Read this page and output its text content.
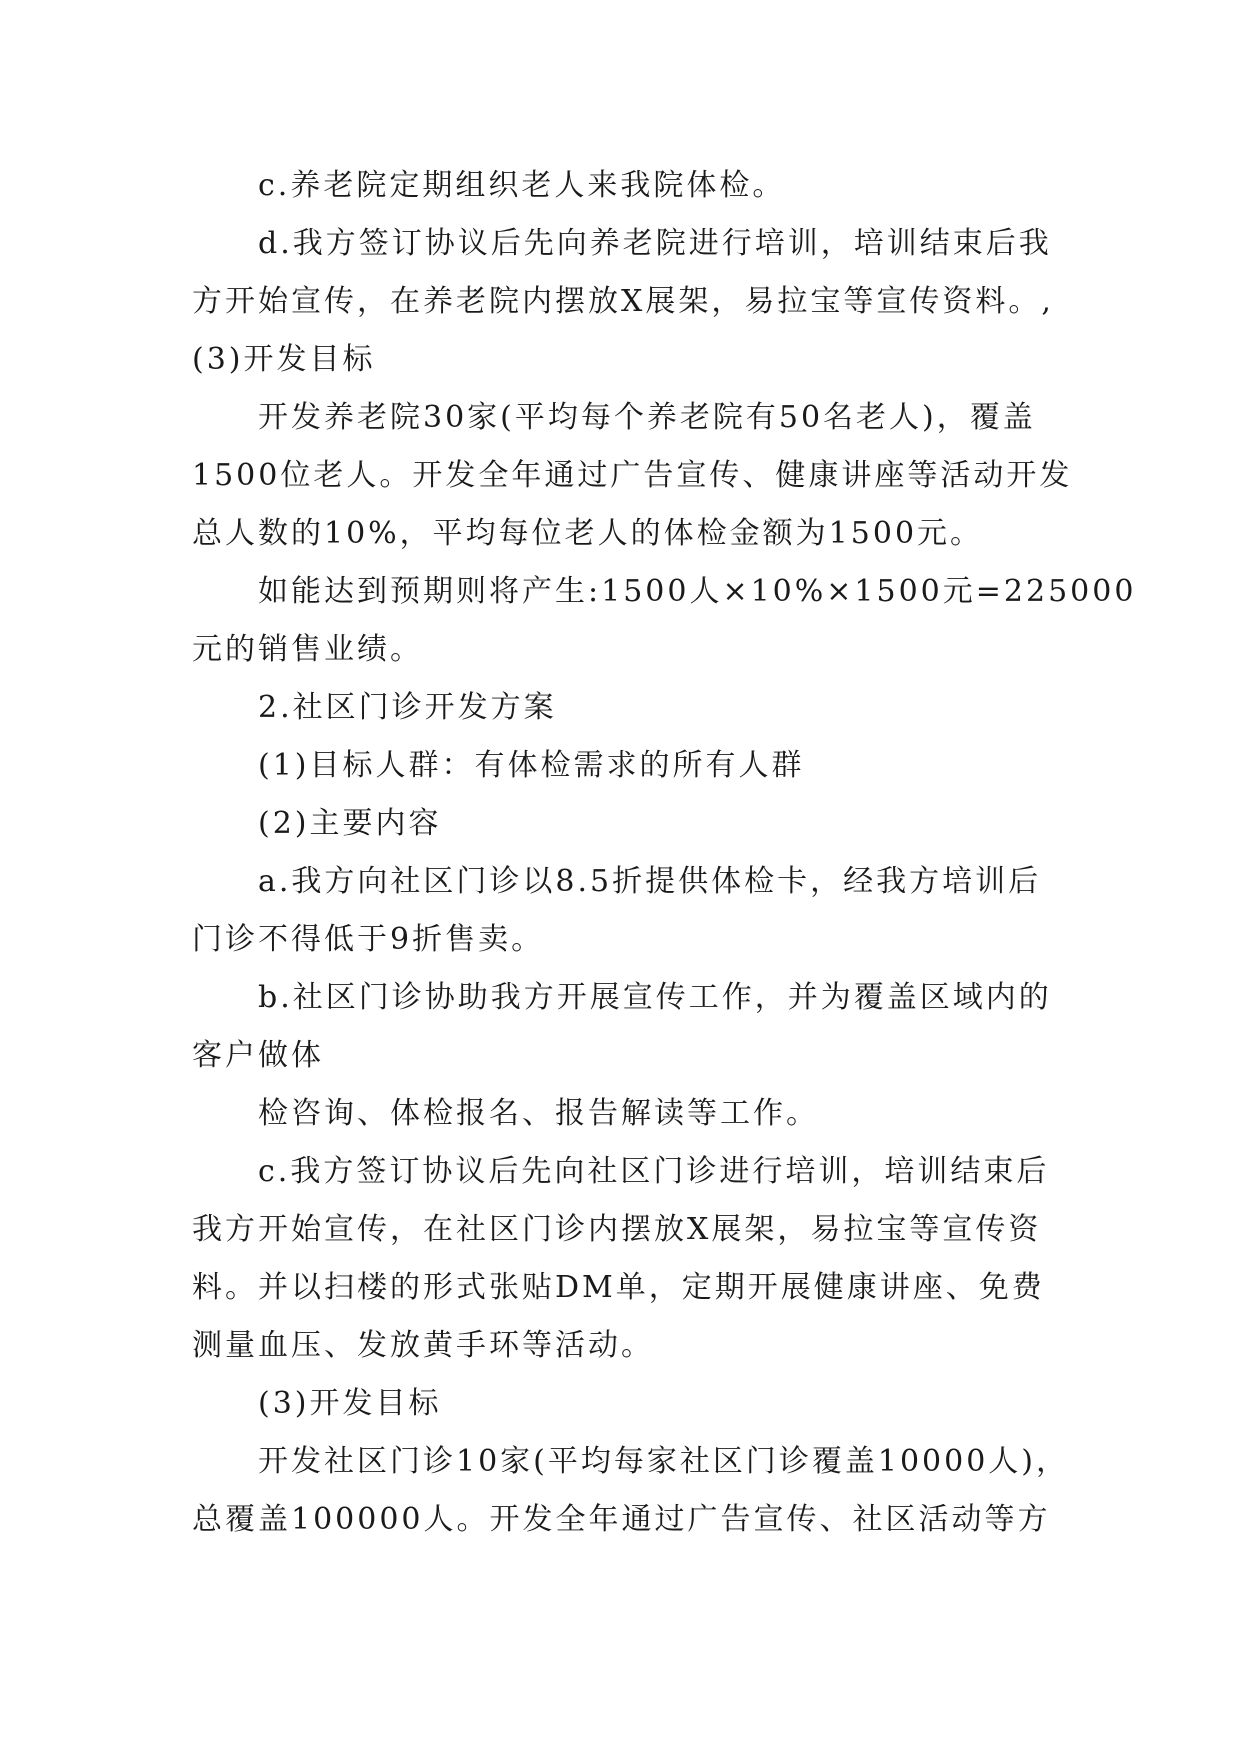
c.养老院定期组织老人来我院体检。

d.我方签订协议后先向养老院进行培训，培训结束后我

方开始宣传，在养老院内摆放X展架，易拉宝等宣传资料。,

(3)开发目标

开发养老院30家(平均每个养老院有50名老人)，覆盖

1500位老人。开发全年通过广告宣传、健康讲座等活动开发

总人数的10%，平均每位老人的体检金额为1500元。

如能达到预期则将产生:1500人×10%×1500元=225000

元的销售业绩。

2.社区门诊开发方案

(1)目标人群：有体检需求的所有人群

(2)主要内容

a.我方向社区门诊以8.5折提供体检卡，经我方培训后

门诊不得低于9折售卖。

b.社区门诊协助我方开展宣传工作，并为覆盖区域内的

客户做体

检咨询、体检报名、报告解读等工作。

c.我方签订协议后先向社区门诊进行培训，培训结束后

我方开始宣传，在社区门诊内摆放X展架，易拉宝等宣传资

料。并以扫楼的形式张贴DM单，定期开展健康讲座、免费

测量血压、发放黄手环等活动。

(3)开发目标

开发社区门诊10家(平均每家社区门诊覆盖10000人)，

总覆盖100000人。开发全年通过广告宣传、社区活动等方
